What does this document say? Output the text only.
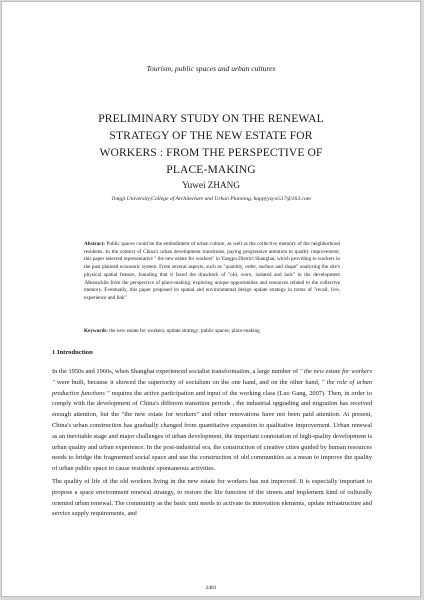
Tourism, public spaces and urban cultures
PRELIMINARY STUDY ON THE RENEWAL
STRATEGY OF THE NEW ESTATE FOR
WORKERS : FROM THE PERSPECTIVE OF
PLACE-MAKING
Yuwei ZHANG
Tongji University,College of Architecture and Urban Planning, happyyzyw517@163.com
Abstract: Public spaces could be the embodiment of urban culture, as well as the collective memory of the neighborhood residents. In the context of China's urban development transitions, paying progressive attention to quality improvement, this paper selected representative " the new estate for workers" in Yangpu District Shanghai, which providing to workers in the past planned economic system. From several aspects, such as "quantity, order, surface and shape" analyzing the site's physical spatial feature, founding that it faced the drawback of "old, worn, isolated and lack" in the development .Meanwhile from the perspective of place-making, exploring unique opportunities and resources related to the collective memory. Eventually, this paper proposed its spatial and environmental design update strategy in terms of "recall, live, experience and link"
Keywords: the new estate for workers; update strategy; public spaces; place-making
1 Introduction

In the 1950s and 1960s, when Shanghai experienced socialist transformation, a large number of " the new estate for workers " were built, because it showed the superiority of socialism on the one hand, and on the other hand, " the role of urban productive functions " requires the active participation and input of the working class (Luo Gang, 2007). Then, in order to comply with the development of China's different transition periods , the industrial upgrading and migration has received enough attention, but the "the new estate for workers" and other renovations have not been paid attention. At present, China's urban construction has gradually changed from quantitative expansion to qualitative improvement. Urban renewal as an inevitable stage and major challenges of urban development, the important connotation of high-quality development is urban quality and urban experience. In the post-industrial era, the construction of creative cities guided by human resources needs to bridge the fragmented social space and use the construction of old communities as a mean to improve the quality of urban public space to cause residents' spontaneous activities.

The quality of life of the old workers living in the new estate for workers has not improved. It is especially important to propose a space environment renewal strategy, to restore the life function of the streets and implement kind of culturally oriented urban renewal. The community as the basic unit needs to activate its innovation elements, update infrastructure and service supply requirements, and

3481
